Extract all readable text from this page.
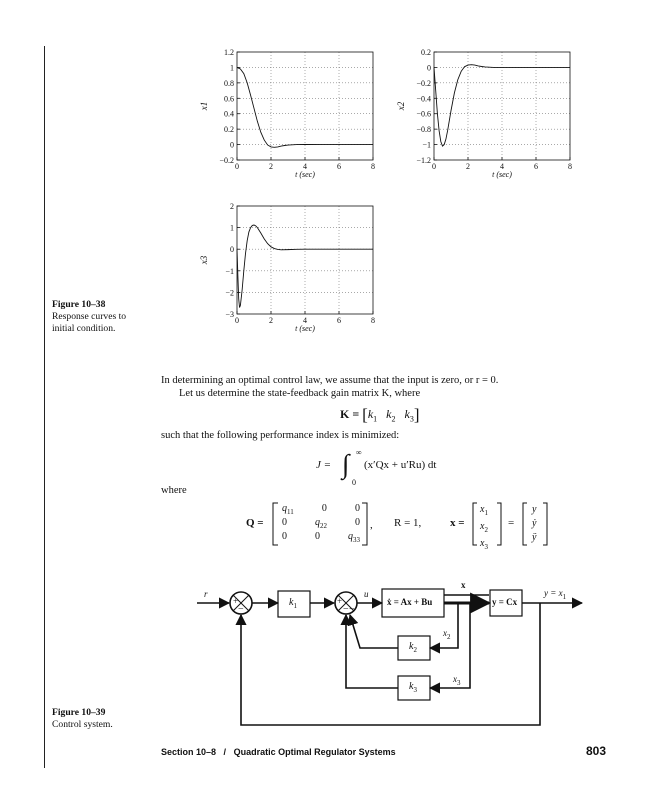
Figure 10–38
Response curves to
initial condition.
Figure 10–39
Control system.
0	2	4	6	8
−0.2
0
0.2
0.4
0.6
0.8
1
1.2
t (sec)
x1
0	2	4	6	8
−1.2
−1
−0.8
−0.6
−0.4
−0.2
0
0.2
t (sec)
x2
0	2	4	6	8
−3
−2
−1
0
1
2
t (sec)
x3
In determining an optimal control law, we assume that the input is zero, or r = 0.
Let us determine the state-feedback gain matrix K, where
$K = [k_1$ $k_2$ $k_3$]
such that the following performance index is minimized:
J = ∫ ∞
0
(x′Qx + u′Ru) dt
where
Q =
$q_{11}$	0	0
0	$q_{22}$	0
0	0	$q_{33}$
, R = 1,	x =
$x_1$
$x_2$
$x_3$
=
y
ẏ
ÿ
r
+
−
$k_1$	+
− −
u
ẋ = Ax + Bu
x
y = Cx
$y = x_1$
$x_2$
$k_2$
$x_3$
$k_3$
Section 10–8 / Quadratic Optimal Regulator Systems	803
